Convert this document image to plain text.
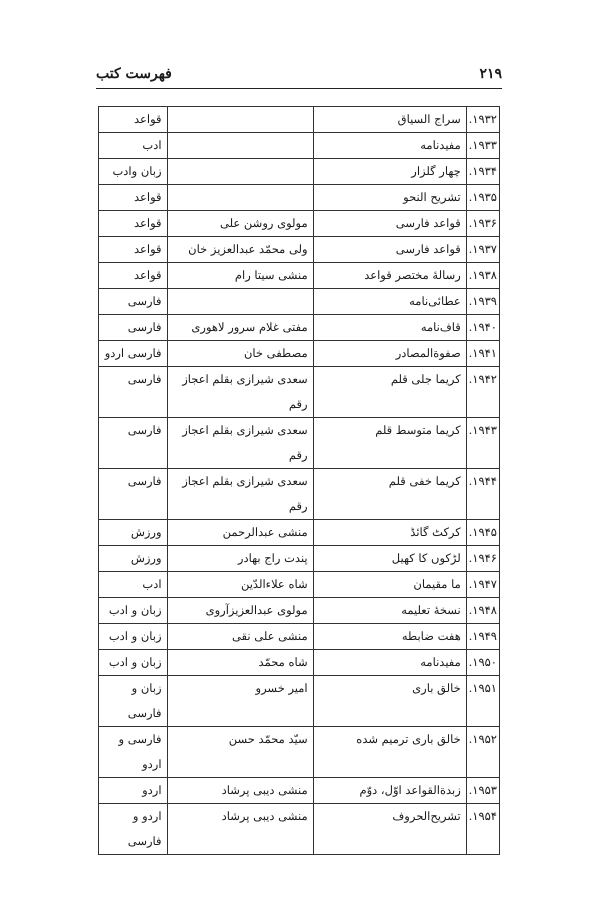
۲۱۹
فهرست کتب
۱۹۳۲.	سراج السیاق		قواعد
۱۹۳۳.	مفیدنامه		ادب
۱۹۳۴.	چهار گلزار		زبان وادب
۱۹۳۵.	تشریح النحو		قواعد
۱۹۳۶.	قواعد فارسی	مولوی روشن علی	قواعد
۱۹۳۷.	قواعد فارسی	ولی محمّد عبدالعزیز خان	قواعد
۱۹۳۸.	رسالهٔ مختصر قواعد	منشی سیتا رام	قواعد
۱۹۳۹.	عطائی‌نامه		فارسی
۱۹۴۰.	قاف‌نامه	مفتی غلام سرور لاهوری	فارسی
۱۹۴۱.	صفوةالمصادر	مصطفی خان	فارسی اردو
۱۹۴۲.	کریما جلی قلم	سعدی شیرازی بقلم اعجاز رقم	فارسی
۱۹۴۳.	کریما متوسط قلم	سعدی شیرازی بقلم اعجاز رقم	فارسی
۱۹۴۴.	کریما خفی قلم	سعدی شیرازی بقلم اعجاز رقم	فارسی
۱۹۴۵.	کرکٹ گائڈ	منشی عبدالرحمن	ورزش
۱۹۴۶.	لڑکوں کا کھیل	پندت راج بهادر	ورزش
۱۹۴۷.	ما مقیمان	شاه علاءالدّین	ادب
۱۹۴۸.	نسخهٔ تعلیمه	مولوی عبدالعزیزآروی	زبان و ادب
۱۹۴۹.	هفت ضابطه	منشی علی نقی	زبان و ادب
۱۹۵۰.	مفیدنامه	شاه محمّد	زبان و ادب
۱۹۵۱.	خالق باری	امیر خسرو	زبان و فارسی
۱۹۵۲.	خالق باری ترمیم شده	سیّد محمّد حسن	فارسی و اردو
۱۹۵۳.	زبدةالقواعد اوّل، دوّم	منشی دیبی پرشاد	اردو
۱۹۵۴.	تشریح‌الحروف	منشی دیبی پرشاد	اردو و فارسی
